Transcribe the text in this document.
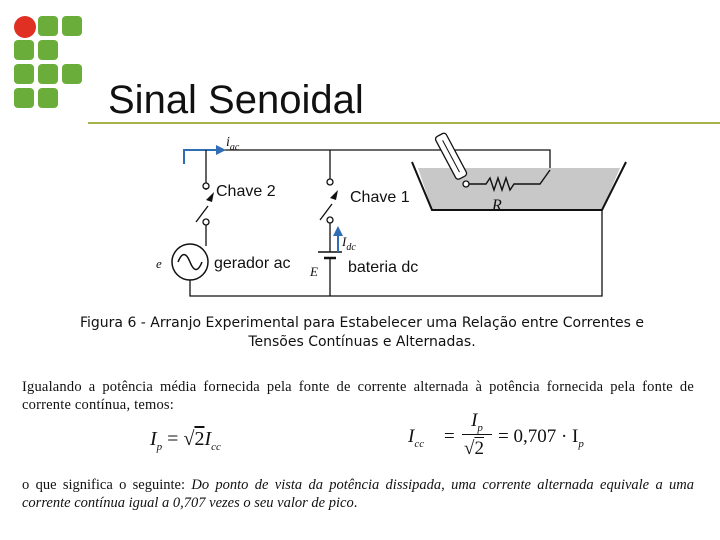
Sinal Senoidal
$i_{ac}$
Chave 2
e	gerador ac
Chave 1
E bateria dc
$I_{dc}$
R
Figura 6 - Arranjo Experimental para Estabelecer uma Relação entre Correntes e
Tensões Contínuas e Alternadas.
Igualando a potência média fornecida pela fonte de corrente alternada à potência fornecida pela fonte de corrente contínua, temos:
$I_p = √2I_{cc}$	$I_{cc}$ =
$I_p$
√2
= $0,707 \cdot I_p$
o que significa o seguinte: Do ponto de vista da potência dissipada, uma corrente alternada equivale a uma corrente contínua igual a 0,707 vezes o seu valor de pico.
